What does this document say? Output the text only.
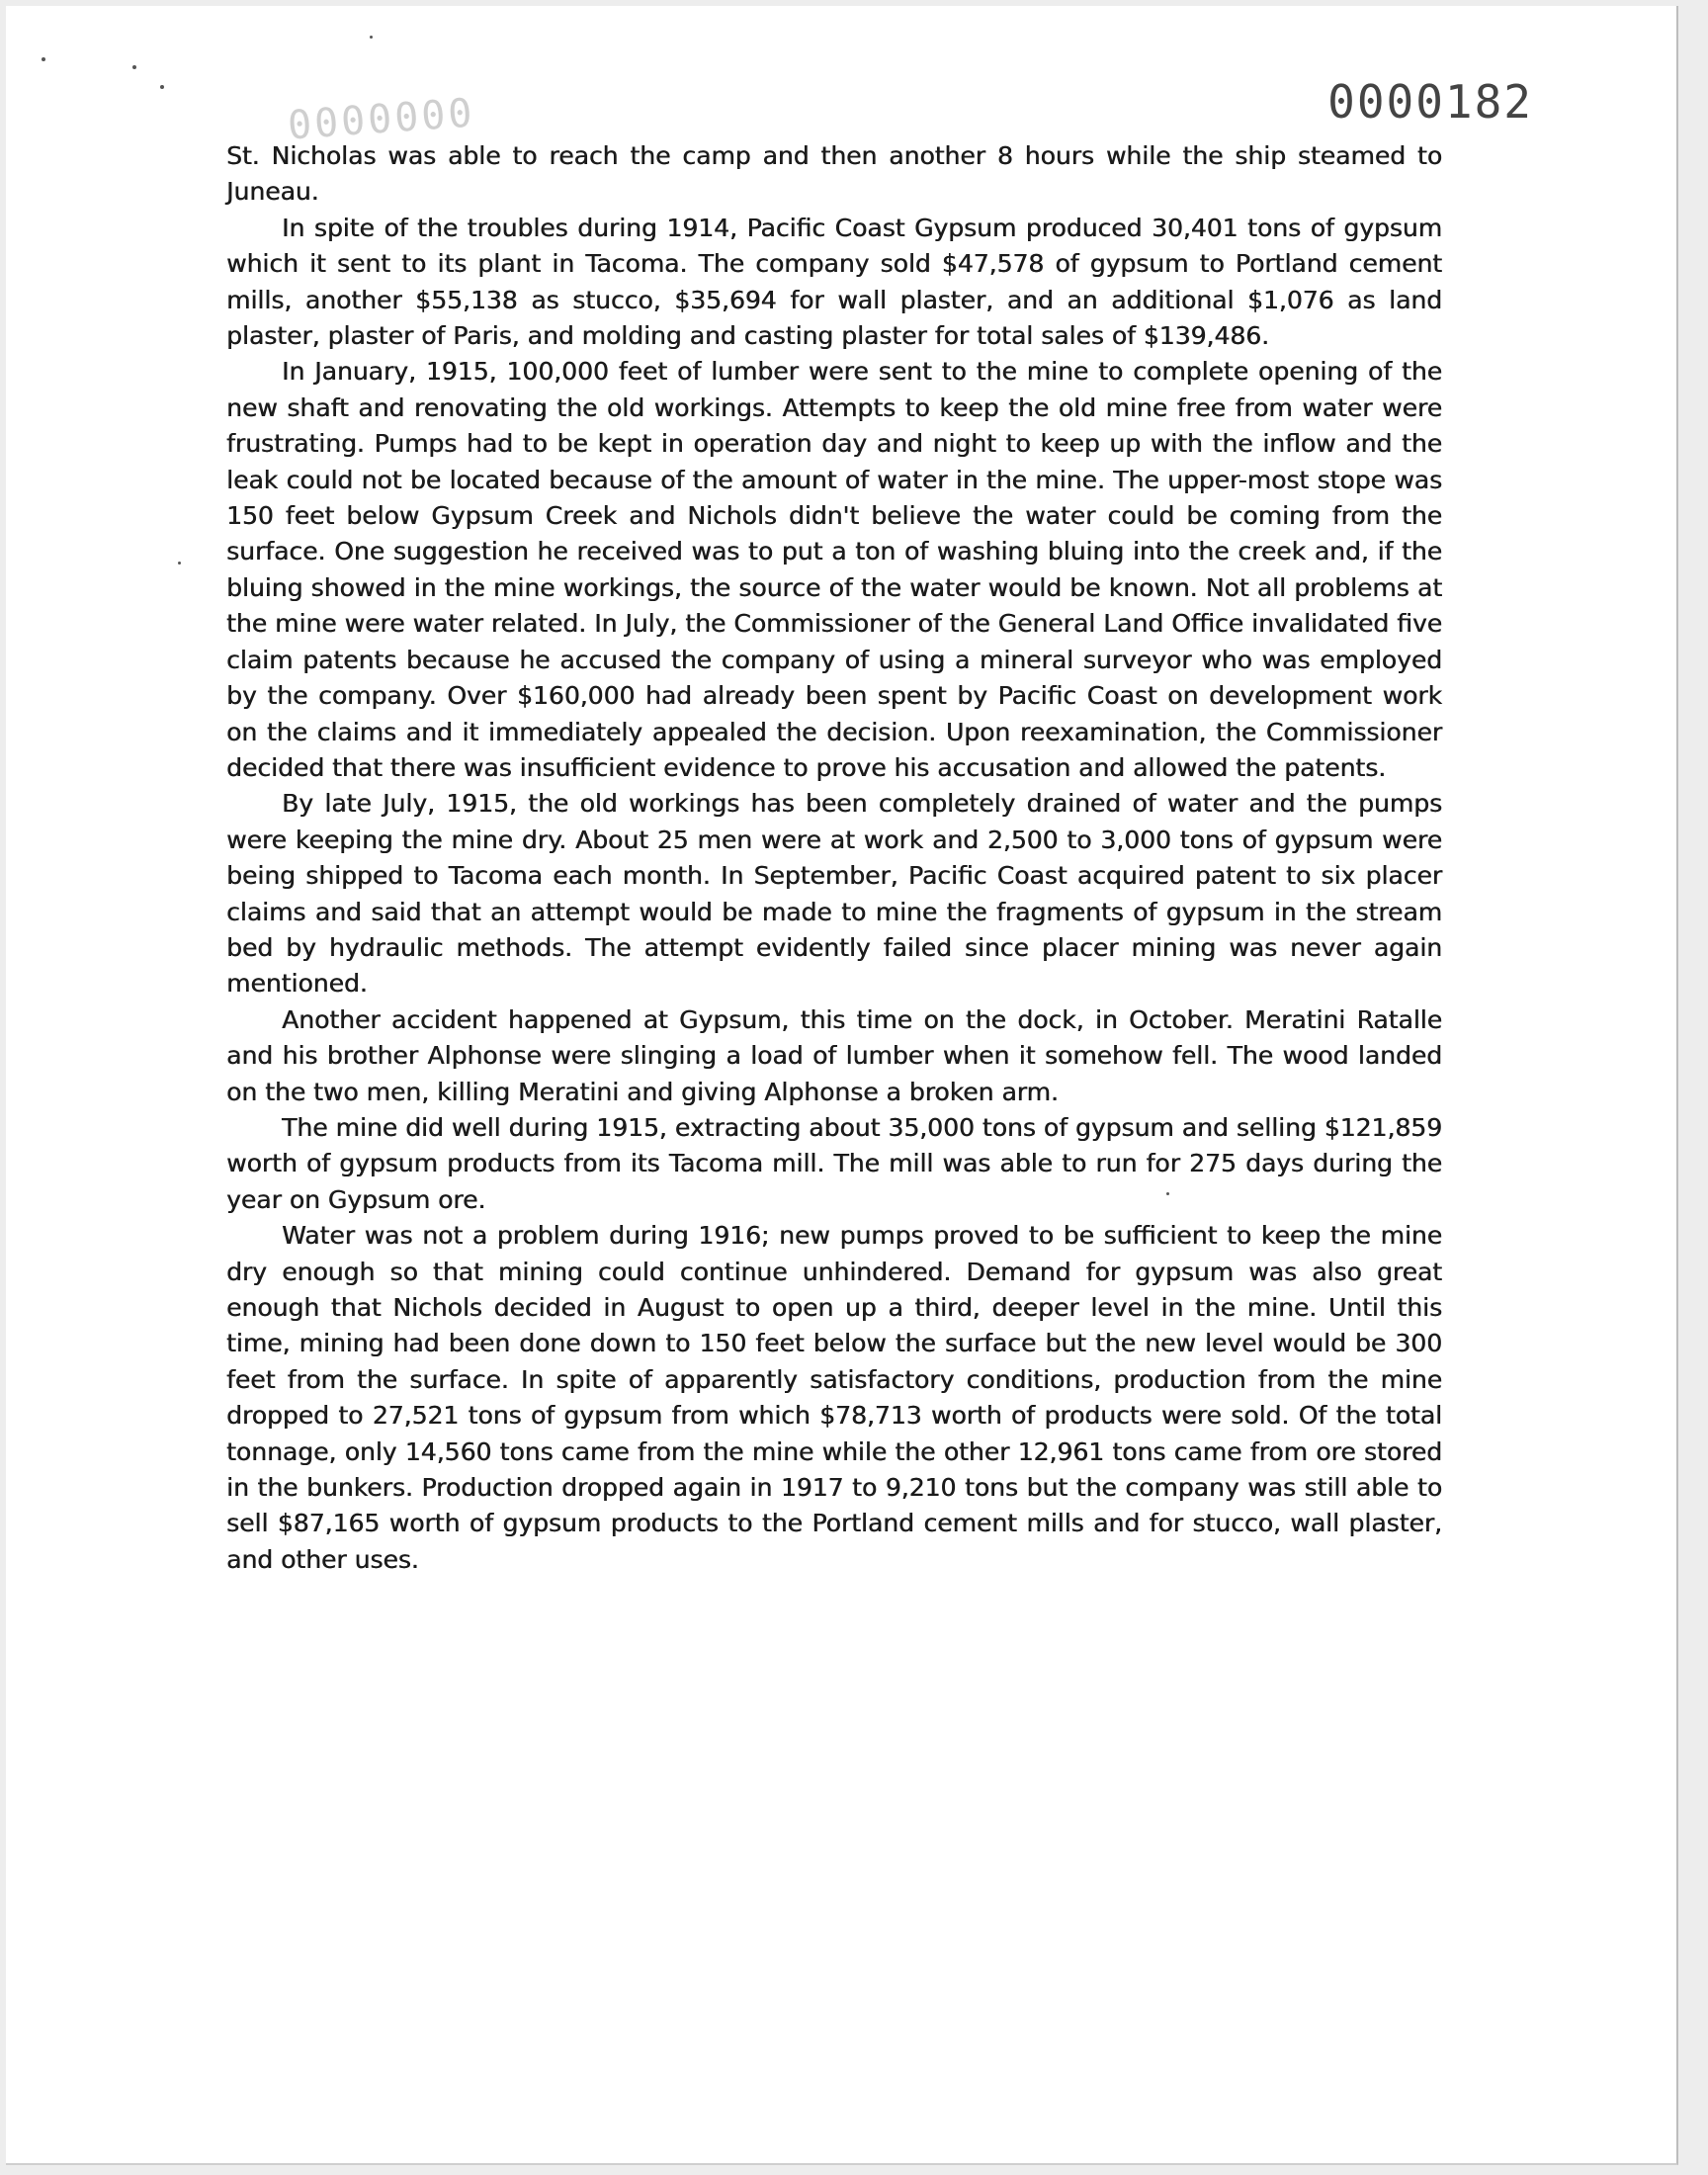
0000000	0000182

St. Nicholas was able to reach the camp and then another 8 hours while the ship steamed to Juneau.

In spite of the troubles during 1914, Pacific Coast Gypsum produced 30,401 tons of gypsum which it sent to its plant in Tacoma. The company sold $47,578 of gypsum to Portland cement mills, another $55,138 as stucco, $35,694 for wall plaster, and an additional $1,076 as land plaster, plaster of Paris, and molding and casting plaster for total sales of $139,486.

In January, 1915, 100,000 feet of lumber were sent to the mine to complete opening of the new shaft and renovating the old workings. Attempts to keep the old mine free from water were frustrating. Pumps had to be kept in operation day and night to keep up with the inflow and the leak could not be located because of the amount of water in the mine. The upper-most stope was 150 feet below Gypsum Creek and Nichols didn't believe the water could be coming from the surface. One suggestion he received was to put a ton of washing bluing into the creek and, if the bluing showed in the mine workings, the source of the water would be known. Not all problems at the mine were water related. In July, the Commissioner of the General Land Office invalidated five claim patents because he accused the company of using a mineral surveyor who was employed by the company. Over $160,000 had already been spent by Pacific Coast on development work on the claims and it immediately appealed the decision. Upon reexamination, the Commissioner decided that there was insufficient evidence to prove his accusation and allowed the patents.

By late July, 1915, the old workings has been completely drained of water and the pumps were keeping the mine dry. About 25 men were at work and 2,500 to 3,000 tons of gypsum were being shipped to Tacoma each month. In September, Pacific Coast acquired patent to six placer claims and said that an attempt would be made to mine the fragments of gypsum in the stream bed by hydraulic methods. The attempt evidently failed since placer mining was never again mentioned.

Another accident happened at Gypsum, this time on the dock, in October. Meratini Ratalle and his brother Alphonse were slinging a load of lumber when it somehow fell. The wood landed on the two men, killing Meratini and giving Alphonse a broken arm.

The mine did well during 1915, extracting about 35,000 tons of gypsum and selling $121,859 worth of gypsum products from its Tacoma mill. The mill was able to run for 275 days during the year on Gypsum ore.

Water was not a problem during 1916; new pumps proved to be sufficient to keep the mine dry enough so that mining could continue unhindered. Demand for gypsum was also great enough that Nichols decided in August to open up a third, deeper level in the mine. Until this time, mining had been done down to 150 feet below the surface but the new level would be 300 feet from the surface. In spite of apparently satisfactory conditions, production from the mine dropped to 27,521 tons of gypsum from which $78,713 worth of products were sold. Of the total tonnage, only 14,560 tons came from the mine while the other 12,961 tons came from ore stored in the bunkers. Production dropped again in 1917 to 9,210 tons but the company was still able to sell $87,165 worth of gypsum products to the Portland cement mills and for stucco, wall plaster, and other uses.
